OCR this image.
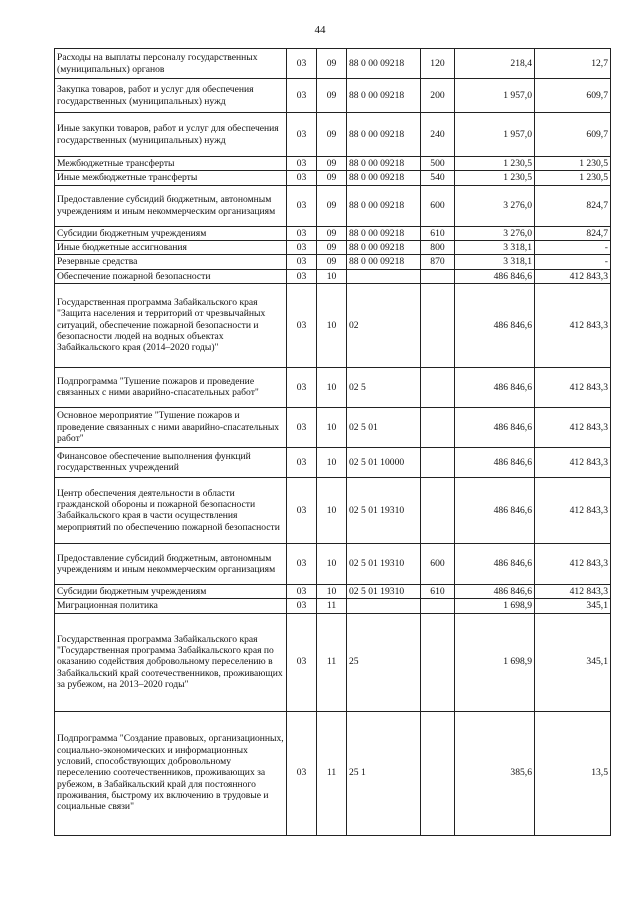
44
Расходы на выплаты персоналу государственных (муниципальных) органов	03	09	88 0 00 09218	120	218,4	12,7
Закупка товаров, работ и услуг для обеспечения государственных (муниципальных) нужд	03	09	88 0 00 09218	200	1 957,0	609,7
Иные закупки товаров, работ и услуг для обеспечения государственных (муниципальных) нужд	03	09	88 0 00 09218	240	1 957,0	609,7
Межбюджетные трансферты	03	09	88 0 00 09218	500	1 230,5	1 230,5
Иные межбюджетные трансферты	03	09	88 0 00 09218	540	1 230,5	1 230,5
Предоставление субсидий бюджетным, автономным учреждениям и иным некоммерческим организациям	03	09	88 0 00 09218	600	3 276,0	824,7
Субсидии бюджетным учреждениям	03	09	88 0 00 09218	610	3 276,0	824,7
Иные бюджетные ассигнования	03	09	88 0 00 09218	800	3 318,1	-
Резервные средства	03	09	88 0 00 09218	870	3 318,1	-
Обеспечение пожарной безопасности	03	10			486 846,6	412 843,3
Государственная программа Забайкальского края "Защита населения и территорий от чрезвычайных ситуаций, обеспечение пожарной безопасности и безопасности людей на водных объектах Забайкальского края (2014–2020 годы)"	03	10	02		486 846,6	412 843,3
Подпрограмма "Тушение пожаров и проведение связанных с ними аварийно-спасательных работ"	03	10	02 5		486 846,6	412 843,3
Основное мероприятие "Тушение пожаров и проведение связанных с ними аварийно-спасательных работ"	03	10	02 5 01		486 846,6	412 843,3
Финансовое обеспечение выполнения функций государственных учреждений	03	10	02 5 01 10000		486 846,6	412 843,3
Центр обеспечения деятельности в области гражданской обороны и пожарной безопасности Забайкальского края в части осуществления мероприятий по обеспечению пожарной безопасности	03	10	02 5 01 19310		486 846,6	412 843,3
Предоставление субсидий бюджетным, автономным учреждениям и иным некоммерческим организациям	03	10	02 5 01 19310	600	486 846,6	412 843,3
Субсидии бюджетным учреждениям	03	10	02 5 01 19310	610	486 846,6	412 843,3
Миграционная политика	03	11			1 698,9	345,1
Государственная программа Забайкальского края "Государственная программа Забайкальского края по оказанию содействия добровольному переселению в Забайкальский край соотечественников, проживающих за рубежом, на 2013–2020 годы"	03	11	25		1 698,9	345,1
Подпрограмма "Создание правовых, организационных, социально-экономических и информационных условий, способствующих добровольному переселению соотечественников, проживающих за рубежом, в Забайкальский край для постоянного проживания, быстрому их включению в трудовые и социальные связи"	03	11	25 1		385,6	13,5
